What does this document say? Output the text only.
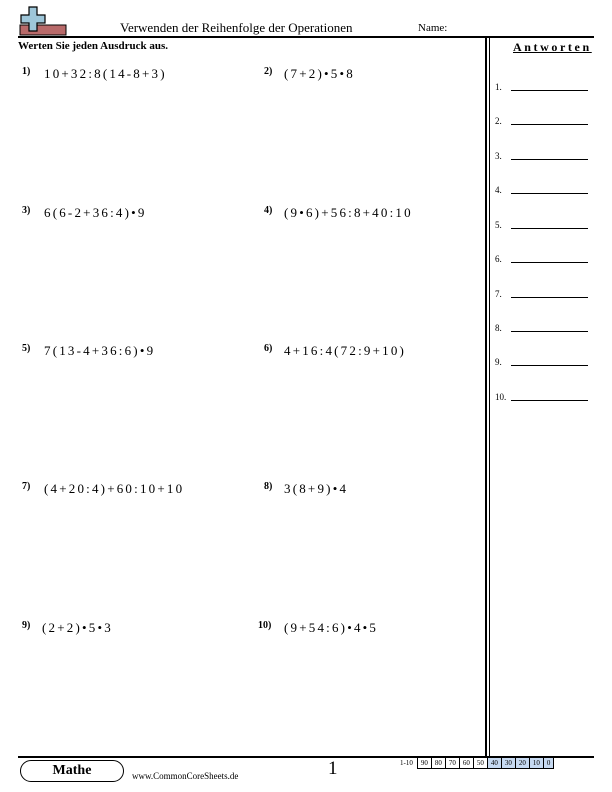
Verwenden der Reihenfolge der Operationen	Name:
Werten Sie jeden Ausdruck aus.
1) 10+32:8(14-8+3)	2) (7+2)•5•8
3) 6(6-2+36:4)•9	4) (9•6)+56:8+40:10
5) 7(13-4+36:6)•9	6) 4+16:4(72:9+10)
7) (4+20:4)+60:10+10	8) 3(8+9)•4
9) (2+2)•5•3	10) (9+54:6)•4•5
Antworten
1.
2.
3.
4.
5.
6.
7.
8.
9.
10.
Mathe	www.CommonCoreSheets.de	1	1-10	90	80	70	60	50	40	30	20	10	0
